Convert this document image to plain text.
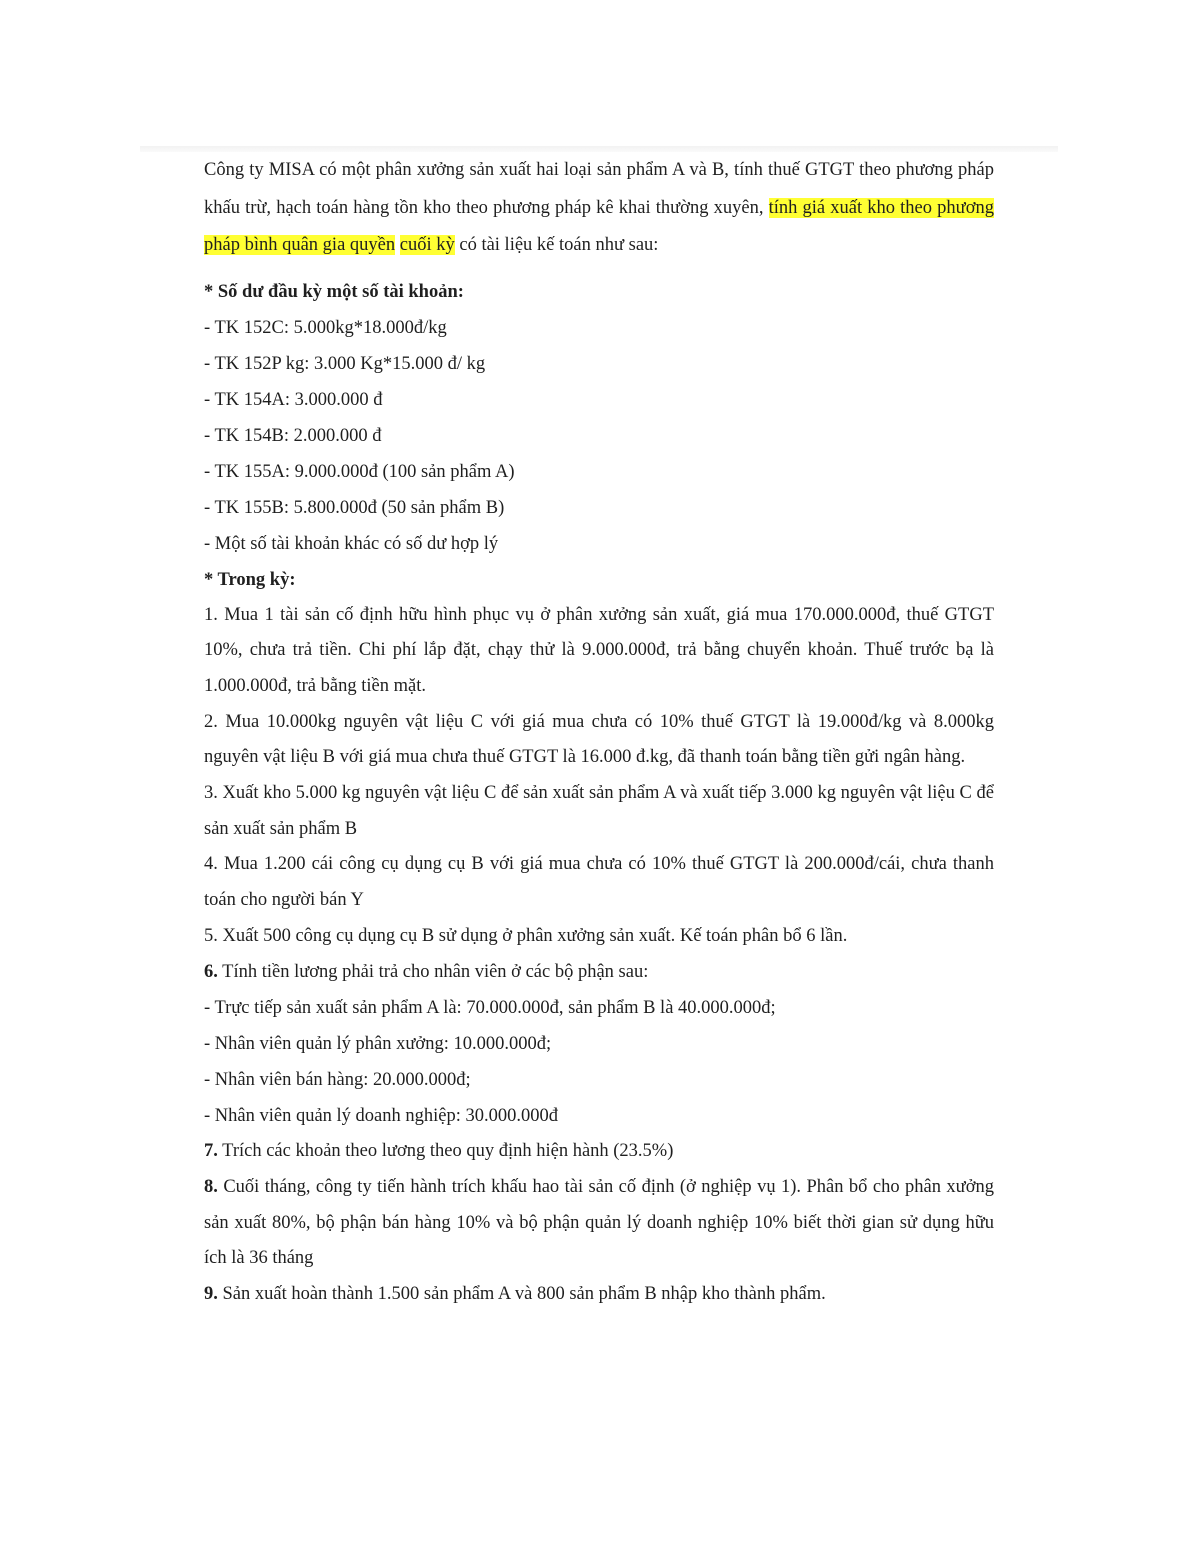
Công ty MISA có một phân xưởng sản xuất hai loại sản phẩm A và B, tính thuế GTGT theo phương pháp khấu trừ, hạch toán hàng tồn kho theo phương pháp kê khai thường xuyên, tính giá xuất kho theo phương pháp bình quân gia quyền cuối kỳ có tài liệu kế toán như sau:

* Số dư đầu kỳ một số tài khoản:

- TK 152C: 5.000kg*18.000đ/kg

- TK 152P kg: 3.000 Kg*15.000 đ/ kg

- TK 154A: 3.000.000 đ

- TK 154B: 2.000.000 đ

- TK 155A: 9.000.000đ (100 sản phẩm A)

- TK 155B: 5.800.000đ (50 sản phẩm B)

- Một số tài khoản khác có số dư hợp lý

* Trong kỳ:

1. Mua 1 tài sản cố định hữu hình phục vụ ở phân xưởng sản xuất, giá mua 170.000.000đ, thuế GTGT 10%, chưa trả tiền. Chi phí lắp đặt, chạy thử là 9.000.000đ, trả bằng chuyển khoản. Thuế trước bạ là 1.000.000đ, trả bằng tiền mặt.

2. Mua 10.000kg nguyên vật liệu C với giá mua chưa có 10% thuế GTGT là 19.000đ/kg và 8.000kg nguyên vật liệu B với giá mua chưa thuế GTGT là 16.000 đ.kg, đã thanh toán bằng tiền gửi ngân hàng.

3. Xuất kho 5.000 kg nguyên vật liệu C để sản xuất sản phẩm A và xuất tiếp 3.000 kg nguyên vật liệu C để sản xuất sản phẩm B

4. Mua 1.200 cái công cụ dụng cụ B với giá mua chưa có 10% thuế GTGT là 200.000đ/cái, chưa thanh toán cho người bán Y

5. Xuất 500 công cụ dụng cụ B sử dụng ở phân xưởng sản xuất. Kế toán phân bổ 6 lần.

6. Tính tiền lương phải trả cho nhân viên ở các bộ phận sau:

- Trực tiếp sản xuất sản phẩm A là: 70.000.000đ, sản phẩm B là 40.000.000đ;

- Nhân viên quản lý phân xưởng: 10.000.000đ;

- Nhân viên bán hàng: 20.000.000đ;

- Nhân viên quản lý doanh nghiệp: 30.000.000đ

7. Trích các khoản theo lương theo quy định hiện hành (23.5%)

8. Cuối tháng, công ty tiến hành trích khấu hao tài sản cố định (ở nghiệp vụ 1). Phân bổ cho phân xưởng sản xuất 80%, bộ phận bán hàng 10% và bộ phận quản lý doanh nghiệp 10% biết thời gian sử dụng hữu ích là 36 tháng

9. Sản xuất hoàn thành 1.500 sản phẩm A và 800 sản phẩm B nhập kho thành phẩm.
